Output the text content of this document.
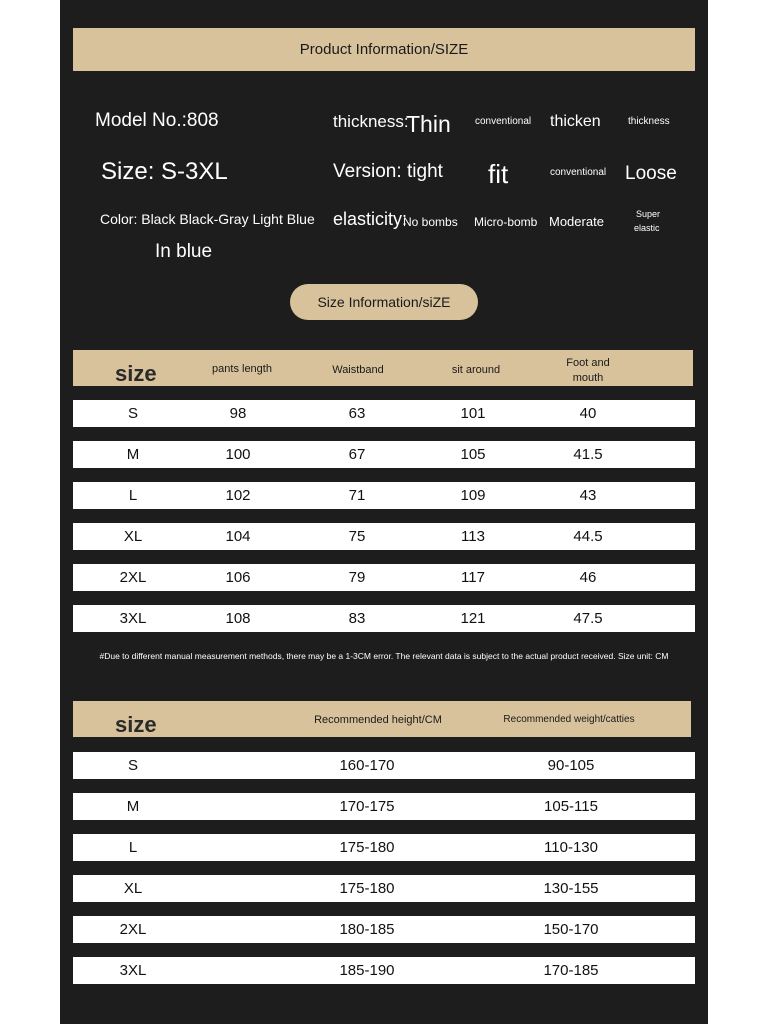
Product Information/SIZE
Model No.:808
Size: S-3XL
Color: Black Black-Gray Light Blue
In blue
thickness:
Thin conventional thicken	thickness
Version: tight fit	conventional Loose
elasticity:
No bombs Micro-bomb Moderate	Super
elastic
Size Information/siZE
size	pants length	Waistband	sit around
Foot and
mouth
S	98	63	101	40
M	100	67	105	41.5
L	102	71	109	43
XL	104	75	113	44.5
2XL	106	79	117	46
3XL	108	83	121	47.5
#Due to different manual measurement methods, there may be a 1-3CM error. The relevant data is subject to the actual product received. Size unit: CM
size	Recommended height/CM	Recommended weight/catties
S	160-170	90-105
M	170-175	105-115
L	175-180	110-130
XL	175-180	130-155
2XL	180-185	150-170
3XL	185-190	170-185
